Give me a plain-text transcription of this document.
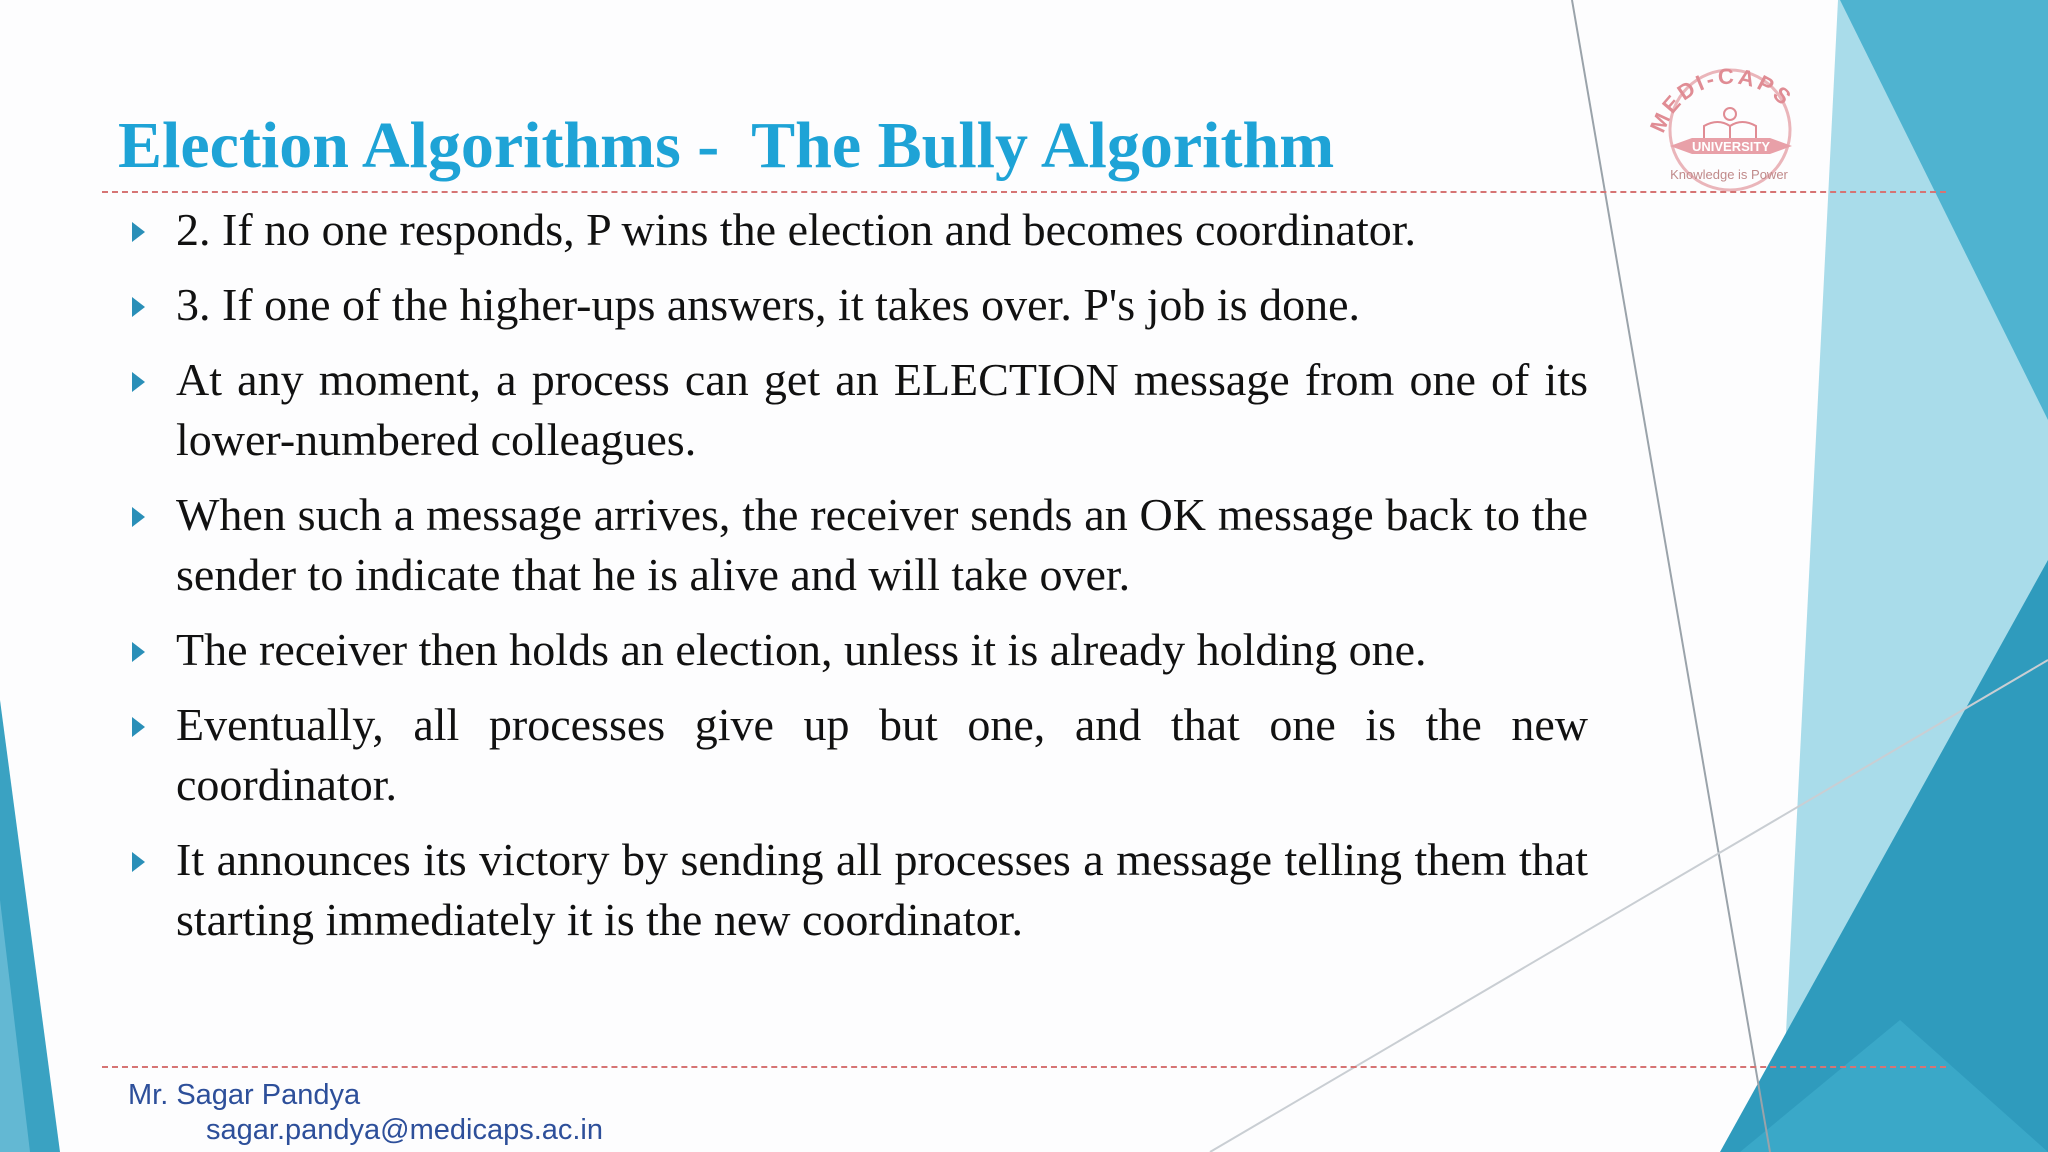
MEDI-CAPS
UNIVERSITY
Knowledge is Power
Election Algorithms -  The Bully Algorithm
2. If no one responds, P wins the election and becomes coordinator.
3. If one of the higher-ups answers, it takes over. P's job is done.
At any moment, a process can get an ELECTION message from one of its lower-numbered colleagues.
When such a message arrives, the receiver sends an OK message back to the sender to indicate that he is alive and will take over.
The receiver then holds an election, unless it is already holding one.
Eventually, all processes give up but one, and that one is the new coordinator.
It announces its victory by sending all processes a message telling them that starting immediately it is the new coordinator.
Mr. Sagar Pandya
sagar.pandya@medicaps.ac.in
